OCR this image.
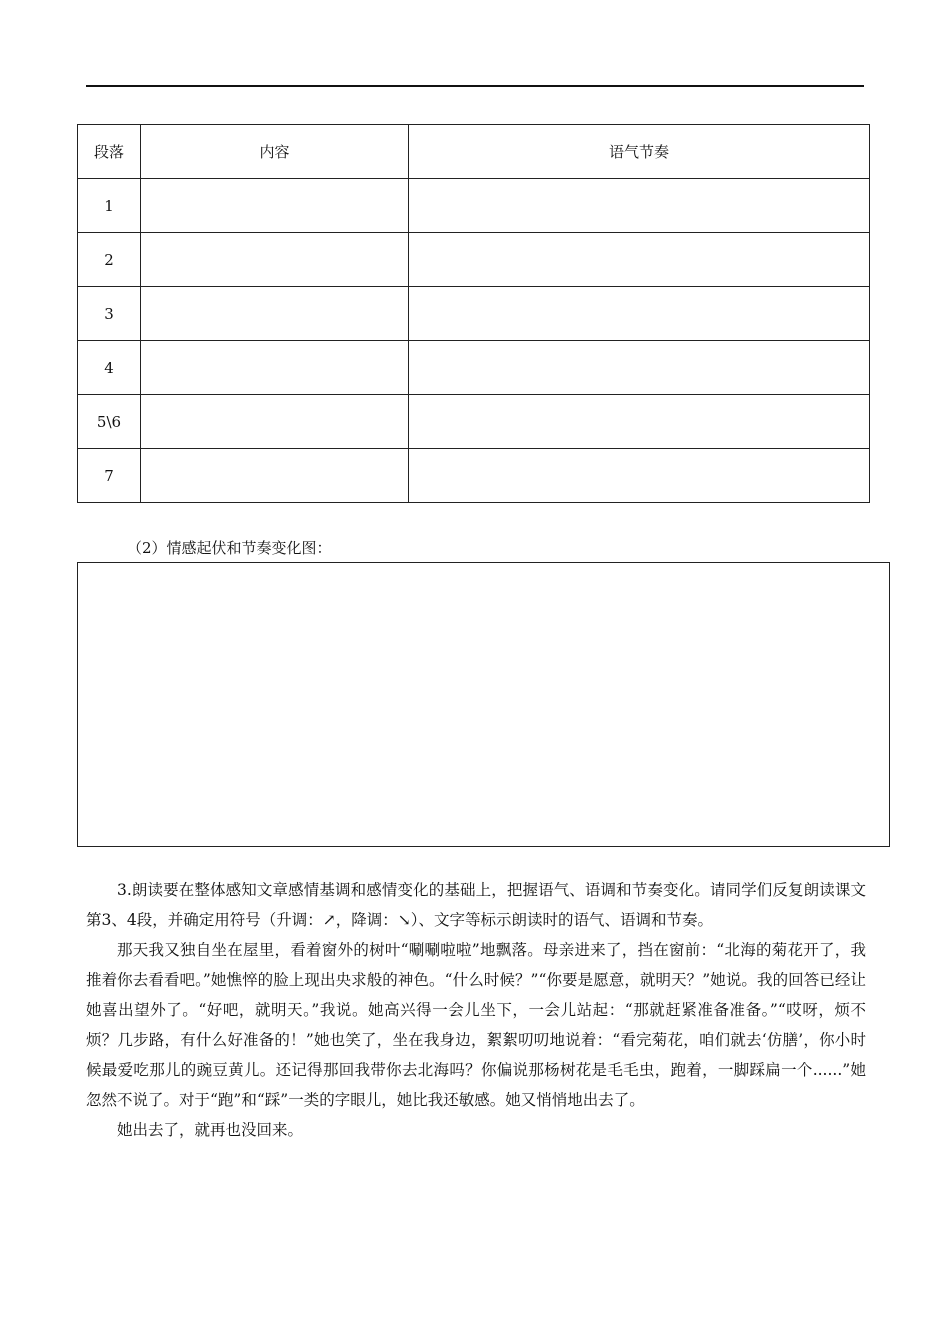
段落	内容	语气节奏
1		
2		
3		
4		
5\6		
7		
（2）情感起伏和节奏变化图：

3.朗读要在整体感知文章感情基调和感情变化的基础上，把握语气、语调和节奏变化。请同学们反复朗读课文第3、4段，并确定用符号（升调：↗，降调：↘）、文字等标示朗读时的语气、语调和节奏。

那天我又独自坐在屋里，看着窗外的树叶“唰唰啦啦”地飘落。母亲进来了，挡在窗前：“北海的菊花开了，我推着你去看看吧。”她憔悴的脸上现出央求般的神色。“什么时候？”“你要是愿意，就明天？”她说。我的回答已经让她喜出望外了。“好吧，就明天。”我说。她高兴得一会儿坐下，一会儿站起：“那就赶紧准备准备。”“哎呀，烦不烦？几步路，有什么好准备的！”她也笑了，坐在我身边，絮絮叨叨地说着：“看完菊花，咱们就去‘仿膳’，你小时候最爱吃那儿的豌豆黄儿。还记得那回我带你去北海吗？你偏说那杨树花是毛毛虫，跑着，一脚踩扁一个......”她忽然不说了。对于“跑”和“踩”一类的字眼儿，她比我还敏感。她又悄悄地出去了。

她出去了，就再也没回来。
